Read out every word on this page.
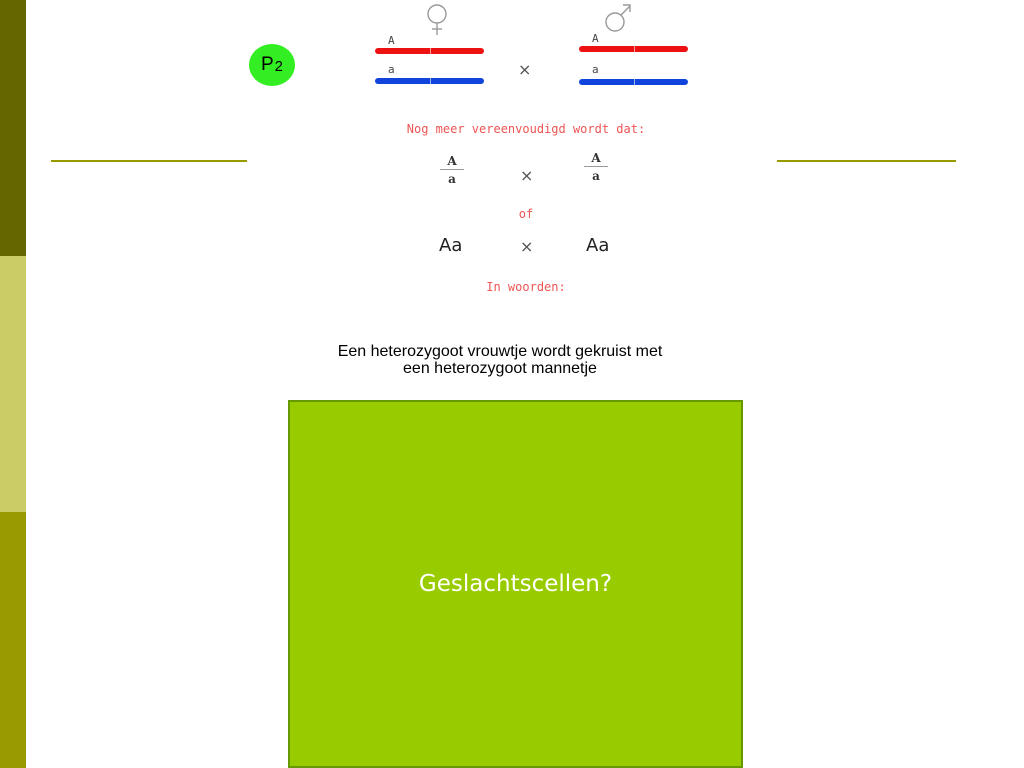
P 2
A
a	×
A
a
Nog meer vereenvoudigd wordt dat:
A
a	×
A
a
of
Aa	×	Aa
In woorden:
Een heterozygoot vrouwtje wordt gekruist met
een heterozygoot mannetje
Geslachtscellen?
